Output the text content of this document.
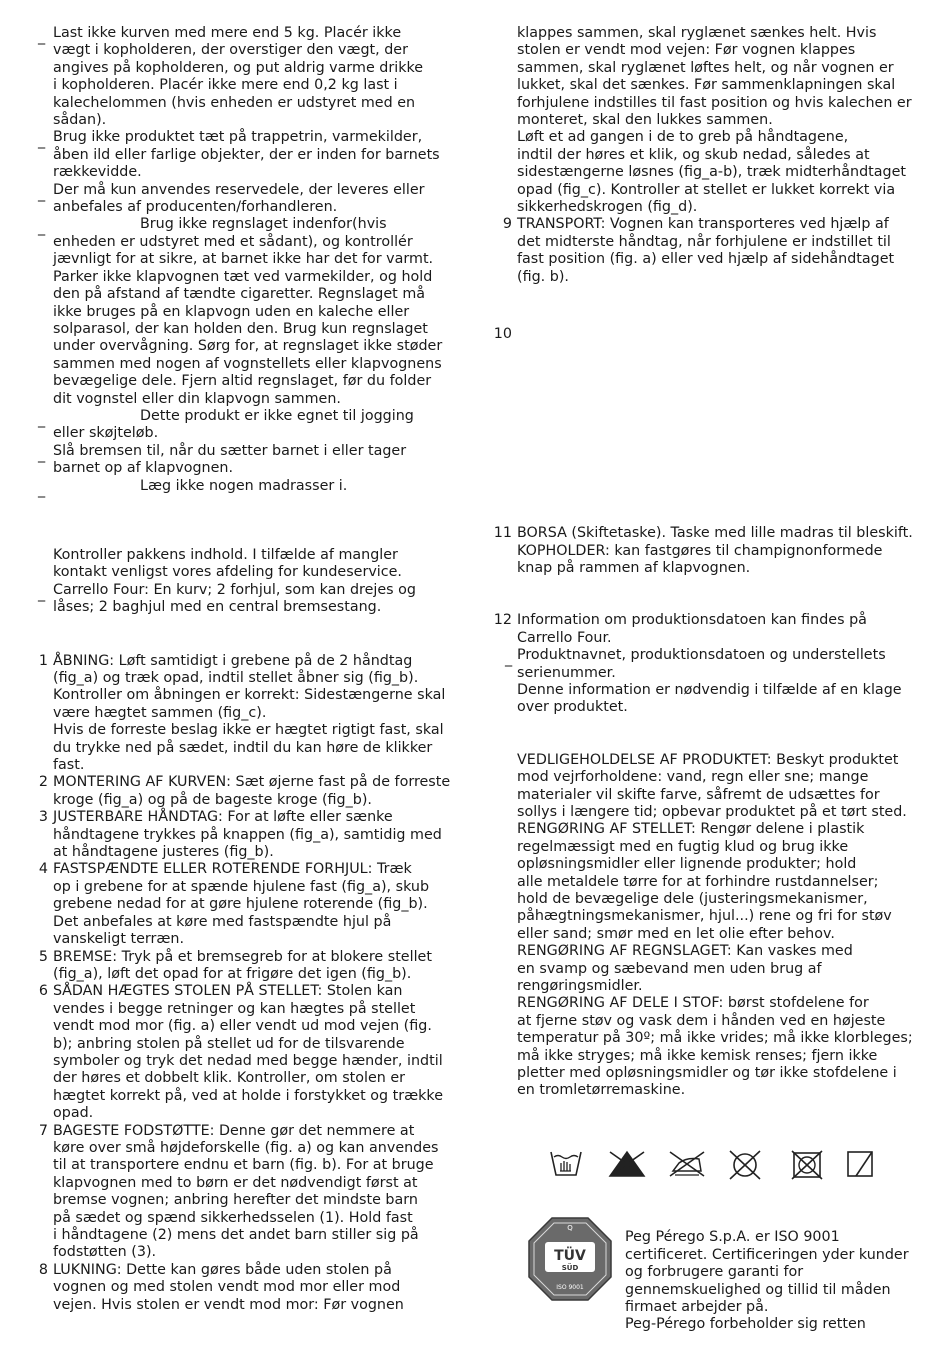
_ Last ikke kurven med mere end 5 kg. Placér ikke
vægt i kopholderen, der overstiger den vægt, der
angives på kopholderen, og put aldrig varme drikke
i kopholderen. Placér ikke mere end 0,2 kg last i
kalechelommen (hvis enheden er udstyret med en
sådan).
_ Brug ikke produktet tæt på trappetrin, varmekilder,
åben ild eller farlige objekter, der er inden for barnets
rækkevidde.
_ Der må kun anvendes reservedele, der leveres eller
anbefales af producenten/forhandleren.
_	Brug ikke regnslaget indenfor(hvis
enheden er udstyret med et sådant), og kontrollér
jævnligt for at sikre, at barnet ikke har det for varmt.
Parker ikke klapvognen tæt ved varmekilder, og hold
den på afstand af tændte cigaretter. Regnslaget må
ikke bruges på en klapvogn uden en kaleche eller
solparasol, der kan holden den. Brug kun regnslaget
under overvågning. Sørg for, at regnslaget ikke støder
sammen med nogen af vognstellets eller klapvognens
bevægelige dele. Fjern altid regnslaget, før du folder
dit vognstel eller din klapvogn sammen.
_	Dette produkt er ikke egnet til jogging
eller skøjteløb.
_ Slå bremsen til, når du sætter barnet i eller tager
barnet op af klapvognen.
_	Læg ikke nogen madrasser i.

Kontroller pakkens indhold. I tilfælde af mangler
kontakt venligst vores afdeling for kundeservice.

_ Carrello Four: En kurv; 2 forhjul, som kan drejes og
låses; 2 baghjul med en central bremsestang.
1 ÅBNING: Løft samtidigt i grebene på de 2 håndtag
(fig_a) og træk opad, indtil stellet åbner sig (fig_b).
Kontroller om åbningen er korrekt: Sidestængerne skal
være hægtet sammen (fig_c).
Hvis de forreste beslag ikke er hægtet rigtigt fast, skal
du trykke ned på sædet, indtil du kan høre de klikker
fast.
2 MONTERING AF KURVEN: Sæt øjerne fast på de forreste
kroge (fig_a) og på de bageste kroge (fig_b).
3 JUSTERBARE HÅNDTAG: For at løfte eller sænke
håndtagene trykkes på knappen (fig_a), samtidig med
at håndtagene justeres (fig_b).
4 FASTSPÆNDTE ELLER ROTERENDE FORHJUL: Træk
op i grebene for at spænde hjulene fast (fig_a), skub
grebene nedad for at gøre hjulene roterende (fig_b).
Det anbefales at køre med fastspændte hjul på
vanskeligt terræn.
5 BREMSE: Tryk på et bremsegreb for at blokere stellet
(fig_a), løft det opad for at frigøre det igen (fig_b).
6 SÅDAN HÆGTES STOLEN PÅ STELLET: Stolen kan
vendes i begge retninger og kan hægtes på stellet
vendt mod mor (fig. a) eller vendt ud mod vejen (fig.
b); anbring stolen på stellet ud for de tilsvarende
symboler og tryk det nedad med begge hænder, indtil
der høres et dobbelt klik. Kontroller, om stolen er
hægtet korrekt på, ved at holde i forstykket og trække
opad.
7 BAGESTE FODSTØTTE: Denne gør det nemmere at
køre over små højdeforskelle (fig. a) og kan anvendes
til at transportere endnu et barn (fig. b). For at bruge
klapvognen med to børn er det nødvendigt først at
bremse vognen; anbring herefter det mindste barn
på sædet og spænd sikkerhedsselen (1). Hold fast
i håndtagene (2) mens det andet barn stiller sig på
fodstøtten (3).
8 LUKNING: Dette kan gøres både uden stolen på
vognen og med stolen vendt mod mor eller mod
vejen. Hvis stolen er vendt mod mor: Før vognen

klappes sammen, skal ryglænet sænkes helt. Hvis
stolen er vendt mod vejen: Før vognen klappes
sammen, skal ryglænet løftes helt, og når vognen er
lukket, skal det sænkes. Før sammenklapningen skal
forhjulene indstilles til fast position og hvis kalechen er
monteret, skal den lukkes sammen.
Løft et ad gangen i de to greb på håndtagene,
indtil der høres et klik, og skub nedad, således at
sidestængerne løsnes (fig_a-b), træk midterhåndtaget
opad (fig_c). Kontroller at stellet er lukket korrekt via
sikkerhedskrogen (fig_d).

9 TRANSPORT: Vognen kan transporteres ved hjælp af
det midterste håndtag, når forhjulene er indstillet til
fast position (fig. a) eller ved hjælp af sidehåndtaget
(fig. b).
10
11 BORSA (Skiftetaske). Taske med lille madras til bleskift.
KOPHOLDER: kan fastgøres til champignonformede
knap på rammen af klapvognen.
12 Information om produktionsdatoen kan findes på
Carrello Four.
_ Produktnavnet, produktionsdatoen og understellets
serienummer.
Denne information er nødvendig i tilfælde af en klage
over produktet.

VEDLIGEHOLDELSE AF PRODUKTET: Beskyt produktet
mod vejrforholdene: vand, regn eller sne; mange
materialer vil skifte farve, såfremt de udsættes for
sollys i længere tid; opbevar produktet på et tørt sted.
RENGØRING AF STELLET: Rengør delene i plastik
regelmæssigt med en fugtig klud og brug ikke
opløsningsmidler eller lignende produkter; hold
alle metaldele tørre for at forhindre rustdannelser;
hold de bevægelige dele (justeringsmekanismer,
påhægtningsmekanismer, hjul...) rene og fri for støv
eller sand; smør med en let olie efter behov.
RENGØRING AF REGNSLAGET: Kan vaskes med
en svamp og sæbevand men uden brug af
rengøringsmidler.
RENGØRING AF DELE I STOF: børst stofdelene for
at fjerne støv og vask dem i hånden ved en højeste
temperatur på 30º; må ikke vrides; må ikke klorbleges;
må ikke stryges; må ikke kemisk renses; fjern ikke
pletter med opløsningsmidler og tør ikke stofdelene i
en tromletørremaskine.

Q
TÜV
SÜD
ISO 9001

Peg Pérego S.p.A. er ISO 9001
certificeret. Certificeringen yder kunder
og forbrugere garanti for
gennemskuelighed og tillid til måden
firmaet arbejder på.
Peg-Pérego forbeholder sig retten
